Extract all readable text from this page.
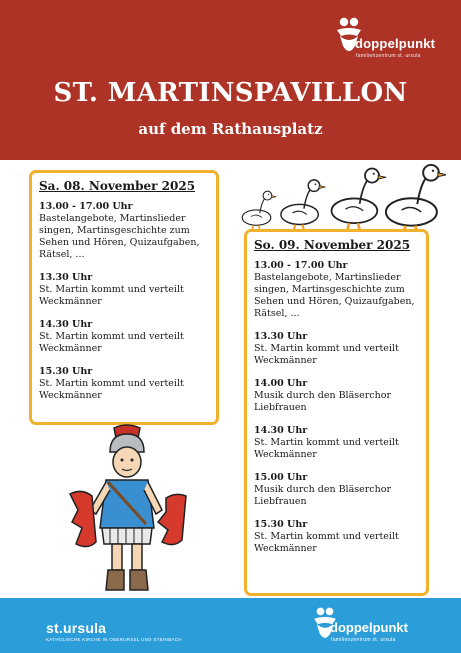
doppelpunkt
familienzentrum st. ursula
ST. MARTINSPAVILLON
auf dem Rathausplatz
Sa. 08. November 2025
13.00 - 17.00 Uhr
Bastelangebote, Martinslieder
singen, Martinsgeschichte zum
Sehen und Hören, Quizaufgaben,
Rätsel, ...
13.30 Uhr
St. Martin kommt und verteilt
Weckmänner
14.30 Uhr
St. Martin kommt und verteilt
Weckmänner
15.30 Uhr
St. Martin kommt und verteilt
Weckmänner
So. 09. November 2025
13.00 - 17.00 Uhr
Bastelangebote, Martinslieder
singen, Martinsgeschichte zum
Sehen und Hören, Quizaufgaben,
Rätsel, ...
13.30 Uhr
St. Martin kommt und verteilt
Weckmänner
14.00 Uhr
Musik durch den Bläserchor
Liebfrauen
14.30 Uhr
St. Martin kommt und verteilt
Weckmänner
15.00 Uhr
Musik durch den Bläserchor
Liebfrauen
15.30 Uhr
St. Martin kommt und verteilt
Weckmänner
st.ursula
KATHOLISCHE KIRCHE IN OBERURSEL UND STEINBACH
doppelpunkt
familienzentrum st. ursula
